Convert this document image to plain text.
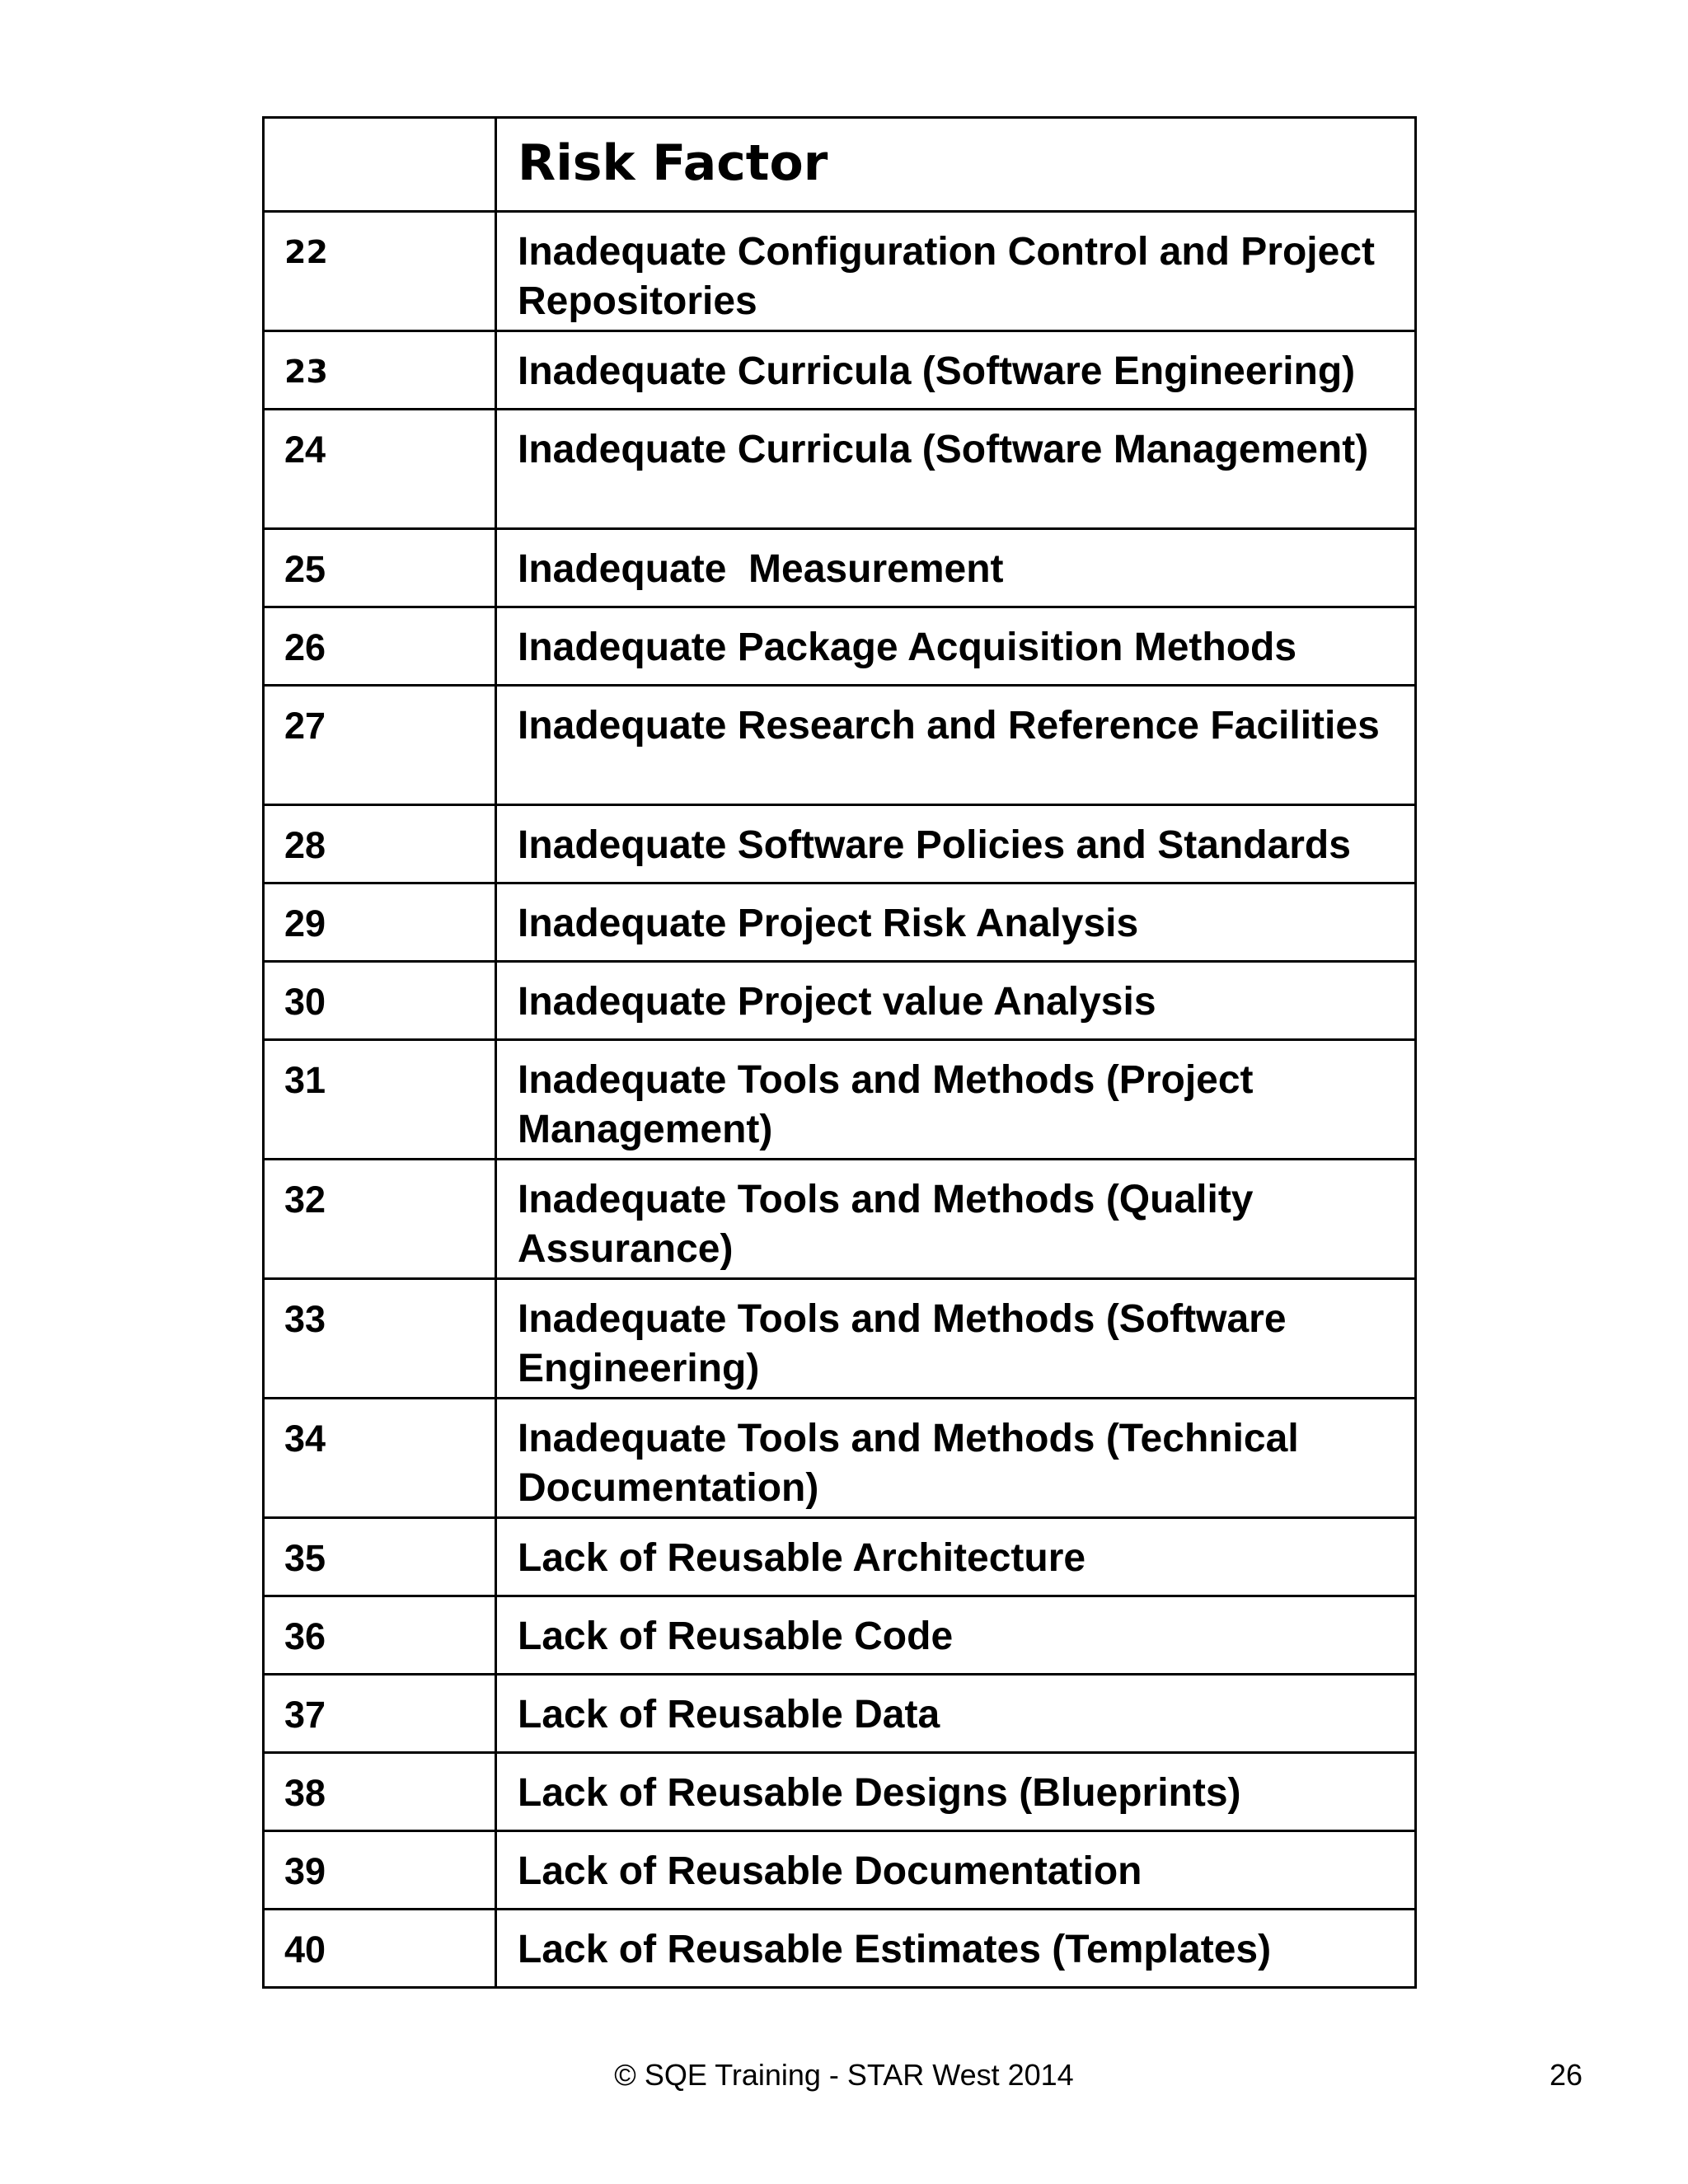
	Risk Factor

22	Inadequate Configuration Control and Project Repositories

23	Inadequate Curricula (Software Engineering)

24	Inadequate Curricula (Software Management)

25	Inadequate  Measurement

26	Inadequate Package Acquisition Methods

27	Inadequate Research and Reference Facilities

28	Inadequate Software Policies and Standards

29	Inadequate Project Risk Analysis

30	Inadequate Project value Analysis

31	Inadequate Tools and Methods (Project Management)

32	Inadequate Tools and Methods (Quality Assurance)

33	Inadequate Tools and Methods (Software Engineering)

34	Inadequate Tools and Methods (Technical Documentation)

35	Lack of Reusable Architecture

36	Lack of Reusable Code

37	Lack of Reusable Data

38	Lack of Reusable Designs (Blueprints)

39	Lack of Reusable Documentation

40	Lack of Reusable Estimates (Templates)
© SQE Training - STAR West 2014	26
